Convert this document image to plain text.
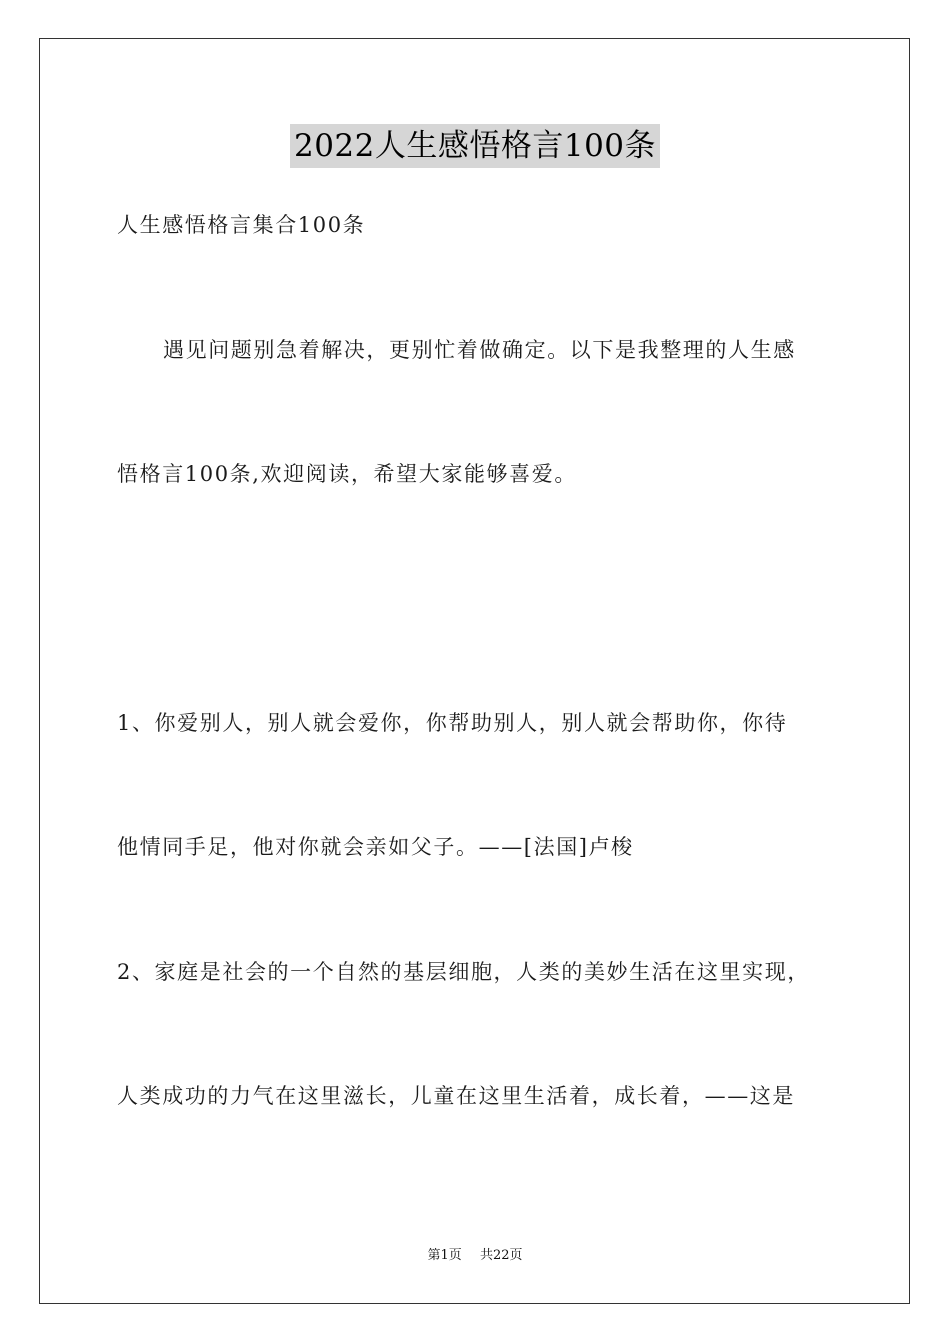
2022人生感悟格言100条
人生感悟格言集合100条
遇见问题别急着解决，更别忙着做确定。以下是我整理的人生感
悟格言100条,欢迎阅读，希望大家能够喜爱。
1、你爱别人，别人就会爱你，你帮助别人，别人就会帮助你，你待
他情同手足，他对你就会亲如父子。——[法国]卢梭
2、家庭是社会的一个自然的基层细胞，人类的美妙生活在这里实现，
人类成功的力气在这里滋长，儿童在这里生活着，成长着，——这是
第1页 共22页
